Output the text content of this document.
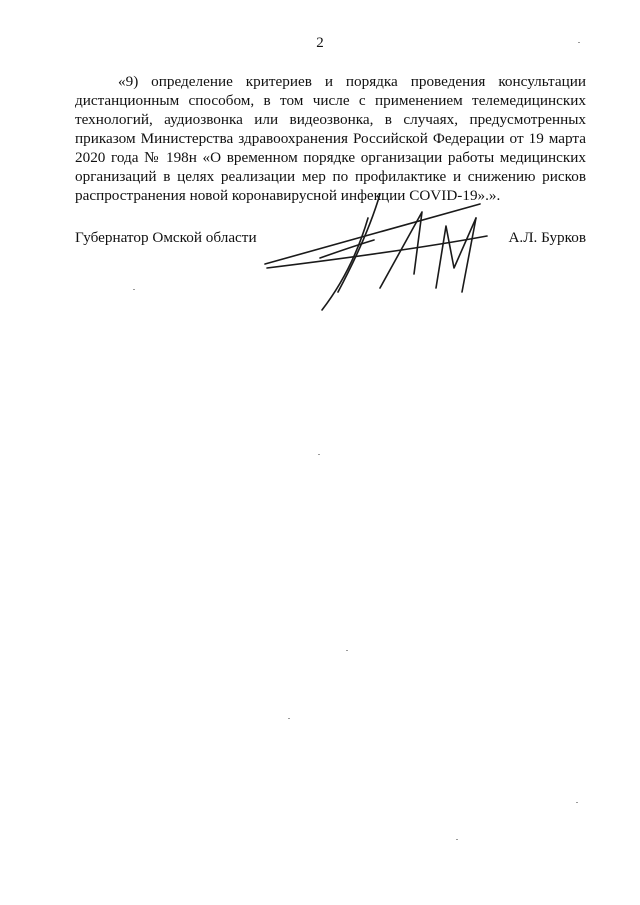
2

«9) определение критериев и порядка проведения консультации дистанционным способом, в том числе с применением телемедицинских технологий, аудиозвонка или видеозвонка, в случаях, предусмотренных приказом Министерства здравоохранения Российской Федерации от 19 марта 2020 года № 198н «О временном порядке организации работы медицинских организаций в целях реализации мер по профилактике и снижению рисков распространения новой коронавирусной инфекции COVID-19».».

Губернатор Омской области	А.Л. Бурков
